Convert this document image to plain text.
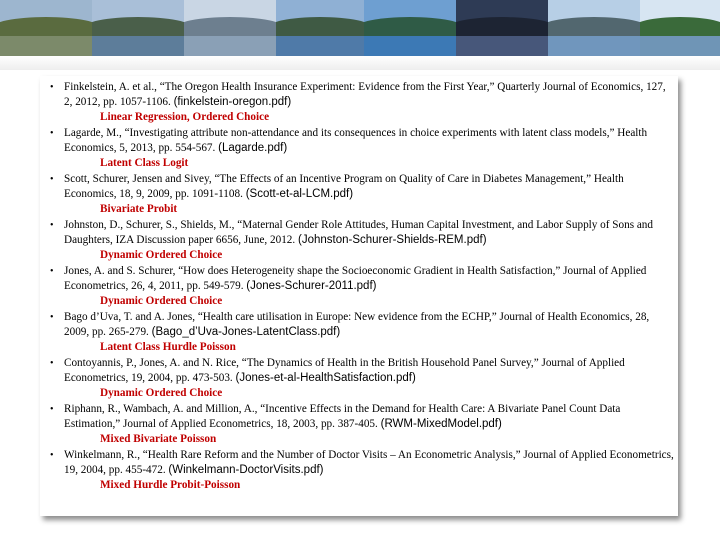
• Finkelstein, A. et al., “The Oregon Health Insurance Experiment: Evidence from the First Year,” Quarterly Journal of Economics, 127, 2, 2012, pp. 1057-1106. (finkelstein-oregon.pdf)
Linear Regression, Ordered Choice
• Lagarde, M., “Investigating attribute non-attendance and its consequences in choice experiments with latent class models,” Health Economics, 5, 2013, pp. 554-567. (Lagarde.pdf)
Latent Class Logit
• Scott, Schurer, Jensen and Sivey, “The Effects of an Incentive Program on Quality of Care in Diabetes Management,” Health Economics, 18, 9, 2009, pp. 1091-1108. (Scott-et-al-LCM.pdf)
Bivariate Probit
• Johnston, D., Schurer, S., Shields, M., “Maternal Gender Role Attitudes, Human Capital Investment, and Labor Supply of Sons and Daughters, IZA Discussion paper 6656, June, 2012. (Johnston-Schurer-Shields-REM.pdf)
Dynamic Ordered Choice
• Jones, A. and S. Schurer, “How does Heterogeneity shape the Socioeconomic Gradient in Health Satisfaction,” Journal of Applied Econometrics, 26, 4, 2011, pp. 549-579. (Jones-Schurer-2011.pdf)
Dynamic Ordered Choice
• Bago d’Uva, T. and A. Jones, “Health care utilisation in Europe: New evidence from the ECHP,” Journal of Health Economics, 28, 2009, pp. 265-279. (Bago_d’Uva-Jones-LatentClass.pdf)
Latent Class Hurdle Poisson
• Contoyannis, P., Jones, A. and N. Rice, “The Dynamics of Health in the British Household Panel Survey,” Journal of Applied Econometrics, 19, 2004, pp. 473-503. (Jones-et-al-HealthSatisfaction.pdf)
Dynamic Ordered Choice
• Riphann, R., Wambach, A. and Million, A., “Incentive Effects in the Demand for Health Care: A Bivariate Panel Count Data Estimation,” Journal of Applied Econometrics, 18, 2003, pp. 387-405. (RWM-MixedModel.pdf)
Mixed Bivariate Poisson
• Winkelmann, R., “Health Rare Reform and the Number of Doctor Visits – An Econometric Analysis,” Journal of Applied Econometrics, 19, 2004, pp. 455-472. (Winkelmann-DoctorVisits.pdf)
Mixed Hurdle Probit-Poisson
